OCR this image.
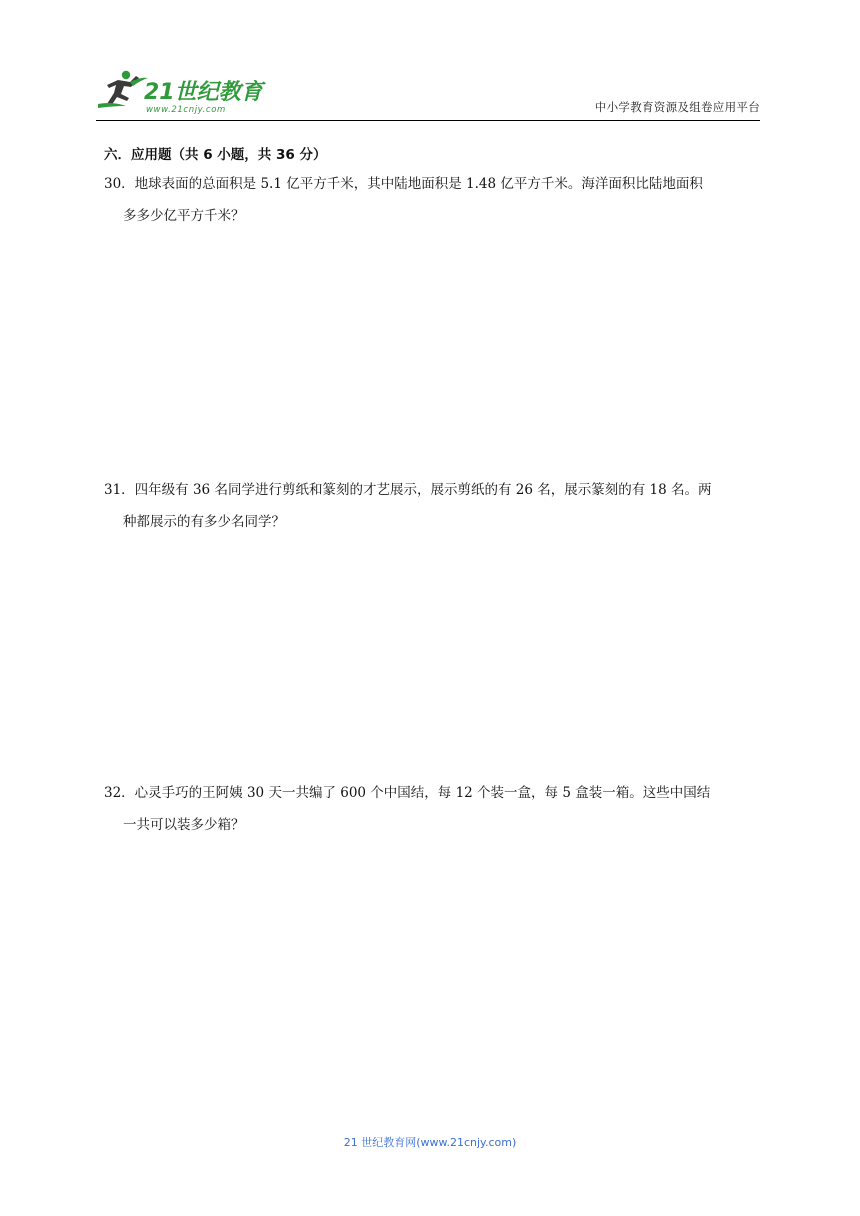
21世纪教育
www.21cnjy.com	中小学教育资源及组卷应用平台
六．应用题（共 6 小题，共 36 分）
30．地球表面的总面积是 5.1 亿平方千米，其中陆地面积是 1.48 亿平方千米。海洋面积比陆地面积
多多少亿平方千米？
31．四年级有 36 名同学进行剪纸和篆刻的才艺展示，展示剪纸的有 26 名，展示篆刻的有 18 名。两
种都展示的有多少名同学？
32．心灵手巧的王阿姨 30 天一共编了 600 个中国结，每 12 个装一盒，每 5 盒装一箱。这些中国结
一共可以装多少箱？
21 世纪教育网(www.21cnjy.com)
